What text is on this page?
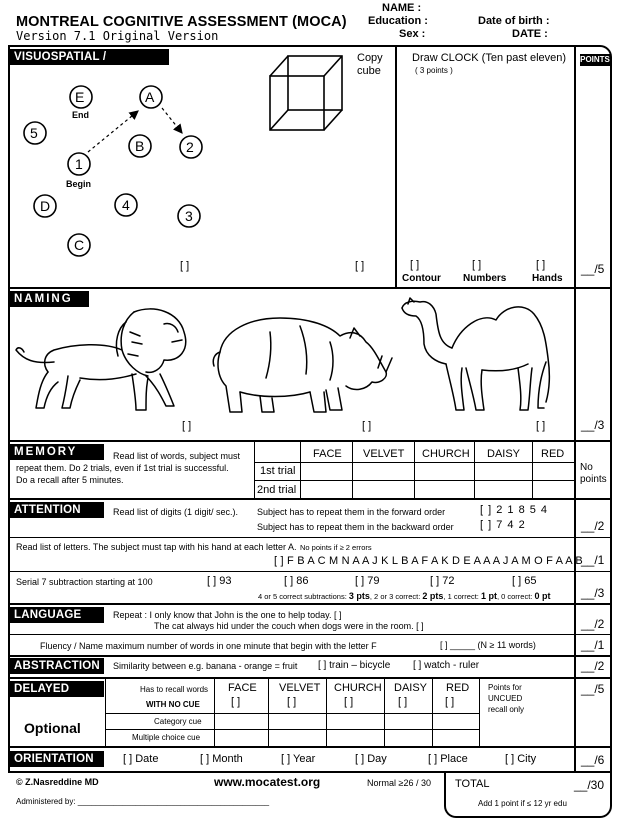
MONTREAL COGNITIVE ASSESSMENT (MOCA)
Version 7.1 Original Version
NAME :
Education :
Sex :
Date of birth :
DATE :
POINTS
VISUOSPATIAL / EXECUTIVE
E	A
5
B	2
1
D	4
3
C
End
Begin
[ ]
Copy
cube
[ ]
Draw CLOCK (Ten past eleven)
( 3 points )
[ ]	[ ]	[ ]
Contour Numbers	Hands
__/5
NAMING
[ ]	[ ]	[ ]	__/3
MEMORY	Read list of words, subject must
repeat them. Do 2 trials, even if 1st trial is successful.
Do a recall after 5 minutes.
FACE VELVET CHURCH DAISY RED
1st trial
2nd trial
No
points
ATTENTION	Read list of digits (1 digit/ sec.). Subject has to repeat them in the forward order	[ ] 2 1 8 5 4
Subject has to repeat them in the backward order [ ] 7 4 2	__/2
Read list of letters. The subject must tap with his hand at each letter A. No points if ≥ 2 errors
[ ] F B A C M N A A J K L B A F A K D E A A A J A M O F A A B
__/1
Serial 7 subtraction starting at 100	[ ] 93	[ ] 86	[ ] 79	[ ] 72	[ ] 65
4 or 5 correct subtractions: 3 pts, 2 or 3 correct: 2 pts, 1 correct: 1 pt, 0 correct: 0 pt	__/3
LANGUAGE	Repeat : I only know that John is the one to help today. [ ]
The cat always hid under the couch when dogs were in the room. [ ]	__/2
Fluency / Name maximum number of words in one minute that begin with the letter F	[ ] _____ (N ≥ 11 words)	__/1
ABSTRACTION	Similarity between e.g. banana - orange = fruit [ ] train – bicycle [ ] watch - ruler	__/2
DELAYED RECALL
Has to recall words
WITH NO CUE
FACE VELVET CHURCH DAISY RED
[ ]	[ ]	[ ]	[ ]	[ ]
Points for
UNCUED
recall only
Optional	Category cue
Multiple choice cue
__/5
ORIENTATION	[ ] Date	[ ] Month	[ ] Year	[ ] Day	[ ] Place	[ ] City	__/6
© Z.Nasreddine MD	www.mocatest.org	Normal ≥26 / 30 TOTAL	__/30
Add 1 point if ≤ 12 yr edu
Administered by: ___________________________________________
